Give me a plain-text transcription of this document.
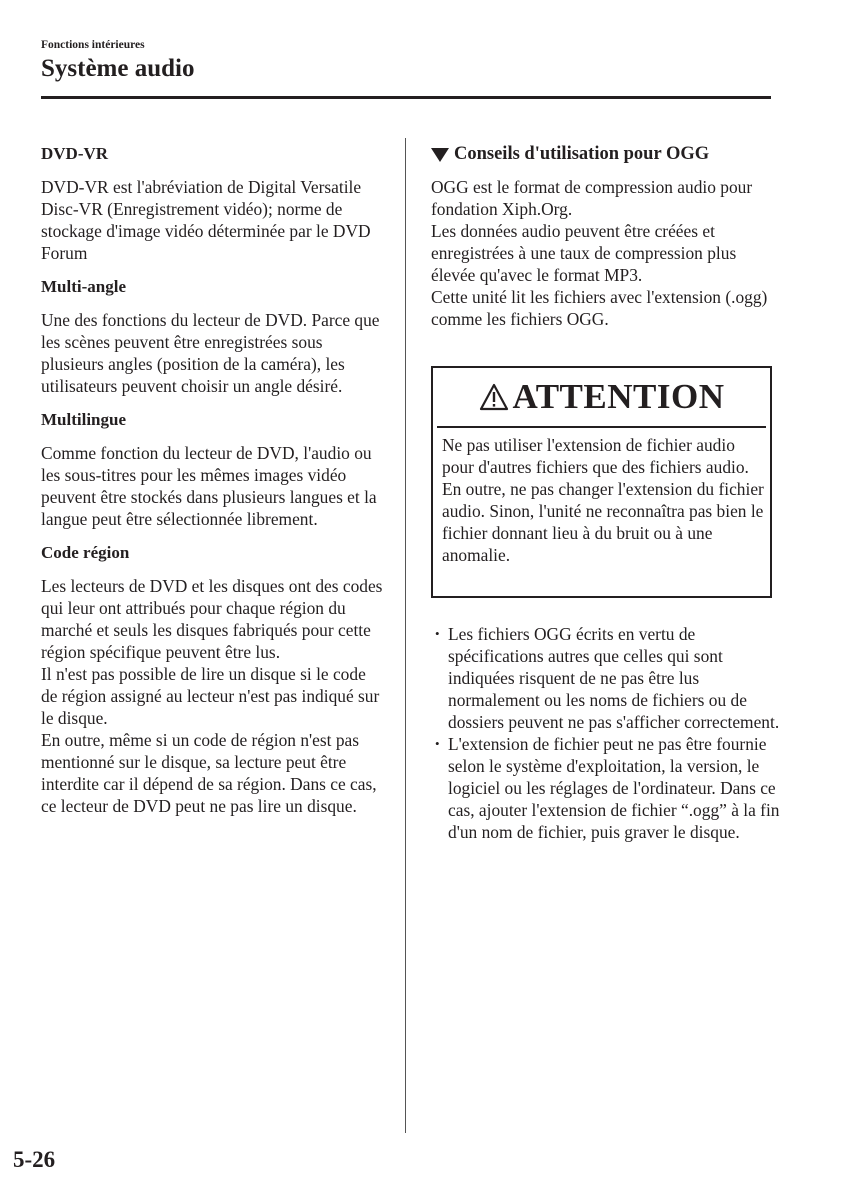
Fonctions intérieures
Système audio

DVD-VR

DVD-VR est l'abréviation de Digital Versatile Disc-VR (Enregistrement vidéo); norme de stockage d'image vidéo déterminée par le DVD Forum

Multi-angle

Une des fonctions du lecteur de DVD. Parce que les scènes peuvent être enregistrées sous plusieurs angles (position de la caméra), les utilisateurs peuvent choisir un angle désiré.

Multilingue

Comme fonction du lecteur de DVD, l'audio ou les sous-titres pour les mêmes images vidéo peuvent être stockés dans plusieurs langues et la langue peut être sélectionnée librement.

Code région

Les lecteurs de DVD et les disques ont des codes qui leur ont attribués pour chaque région du marché et seuls les disques fabriqués pour cette région spécifique peuvent être lus.

Il n'est pas possible de lire un disque si le code de région assigné au lecteur n'est pas indiqué sur le disque.

En outre, même si un code de région n'est pas mentionné sur le disque, sa lecture peut être interdite car il dépend de sa région. Dans ce cas, ce lecteur de DVD peut ne pas lire un disque.

Conseils d'utilisation pour OGG

OGG est le format de compression audio pour fondation Xiph.Org.

Les données audio peuvent être créées et enregistrées à une taux de compression plus élevée qu'avec le format MP3.

Cette unité lit les fichiers avec l'extension (.ogg) comme les fichiers OGG.

ATTENTION

Ne pas utiliser l'extension de fichier audio pour d'autres fichiers que des fichiers audio. En outre, ne pas changer l'extension du fichier audio. Sinon, l'unité ne reconnaîtra pas bien le fichier donnant lieu à du bruit ou à une anomalie.

• Les fichiers OGG écrits en vertu de spécifications autres que celles qui sont indiquées risquent de ne pas être lus normalement ou les noms de fichiers ou de dossiers peuvent ne pas s'afficher correctement.
• L'extension de fichier peut ne pas être fournie selon le système d'exploitation, la version, le logiciel ou les réglages de l'ordinateur. Dans ce cas, ajouter l'extension de fichier “.ogg” à la fin d'un nom de fichier, puis graver le disque.
5-26
